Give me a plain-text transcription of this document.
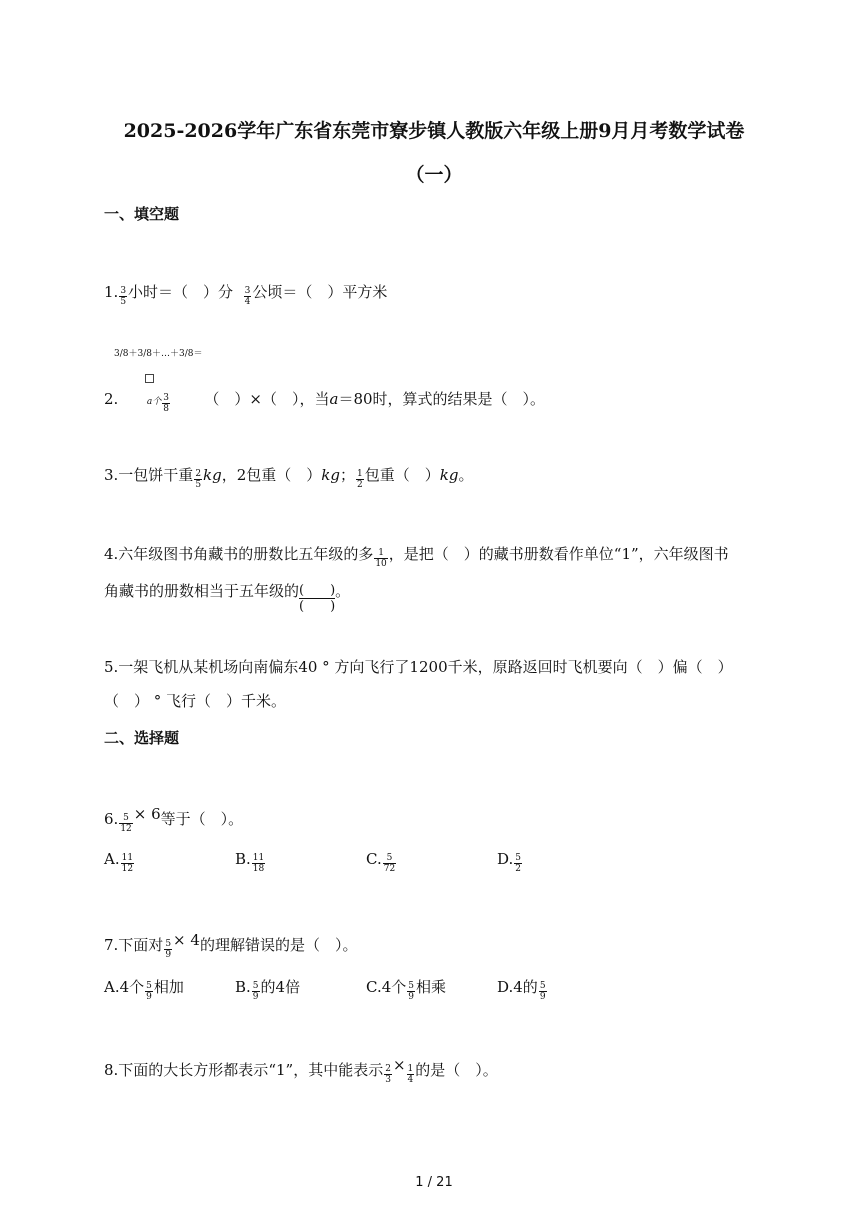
2025-2026学年广东省东莞市寮步镇人教版六年级上册9月月考数学试卷
（一）
一、填空题
1. $\frac{3}{5}$ 小时＝（　）分 $\frac{3}{4}$ 公顷＝（　）平方米
3/8＋3/8＋…＋3/8＝
2.	a个 $\frac{3}{8}$ （　）×（　），当a＝80时，算式的结果是（　）。
3.一包饼干重 $\frac{2}{5}$ kg，2包重（　）kg； $\frac{1}{2}$ 包重（　）kg。
4.六年级图书角藏书的册数比五年级的多 $\frac{1}{10}$ ，是把（　）的藏书册数看作单位“1”，六年级图书
角藏书的册数相当于五年级的 (　　)
(　　)
。
5.一架飞机从某机场向南偏东40 ° 方向飞行了1200千米，原路返回时飞机要向（　）偏（　）
（　） ° 飞行（　）千米。
二、选择题
6. $\frac{5}{12} \times 6$等于（　）。
A. $\frac{11}{12}$	B. $\frac{11}{18}$	C. $\frac{5}{72}$	D. $\frac{5}{2}$
7.下面对 $\frac{5}{9} \times 4$的理解错误的是（　）。
A.4个 $\frac{5}{9}$ 相加	B. $\frac{5}{9}$ 的4倍	C.4个 $\frac{5}{9}$ 相乘	D.4的 $\frac{5}{9}$
8.下面的大长方形都表示“1”，其中能表示 $\frac{2}{3} \times \frac{1}{4}$ 的是（　）。
1 / 21
